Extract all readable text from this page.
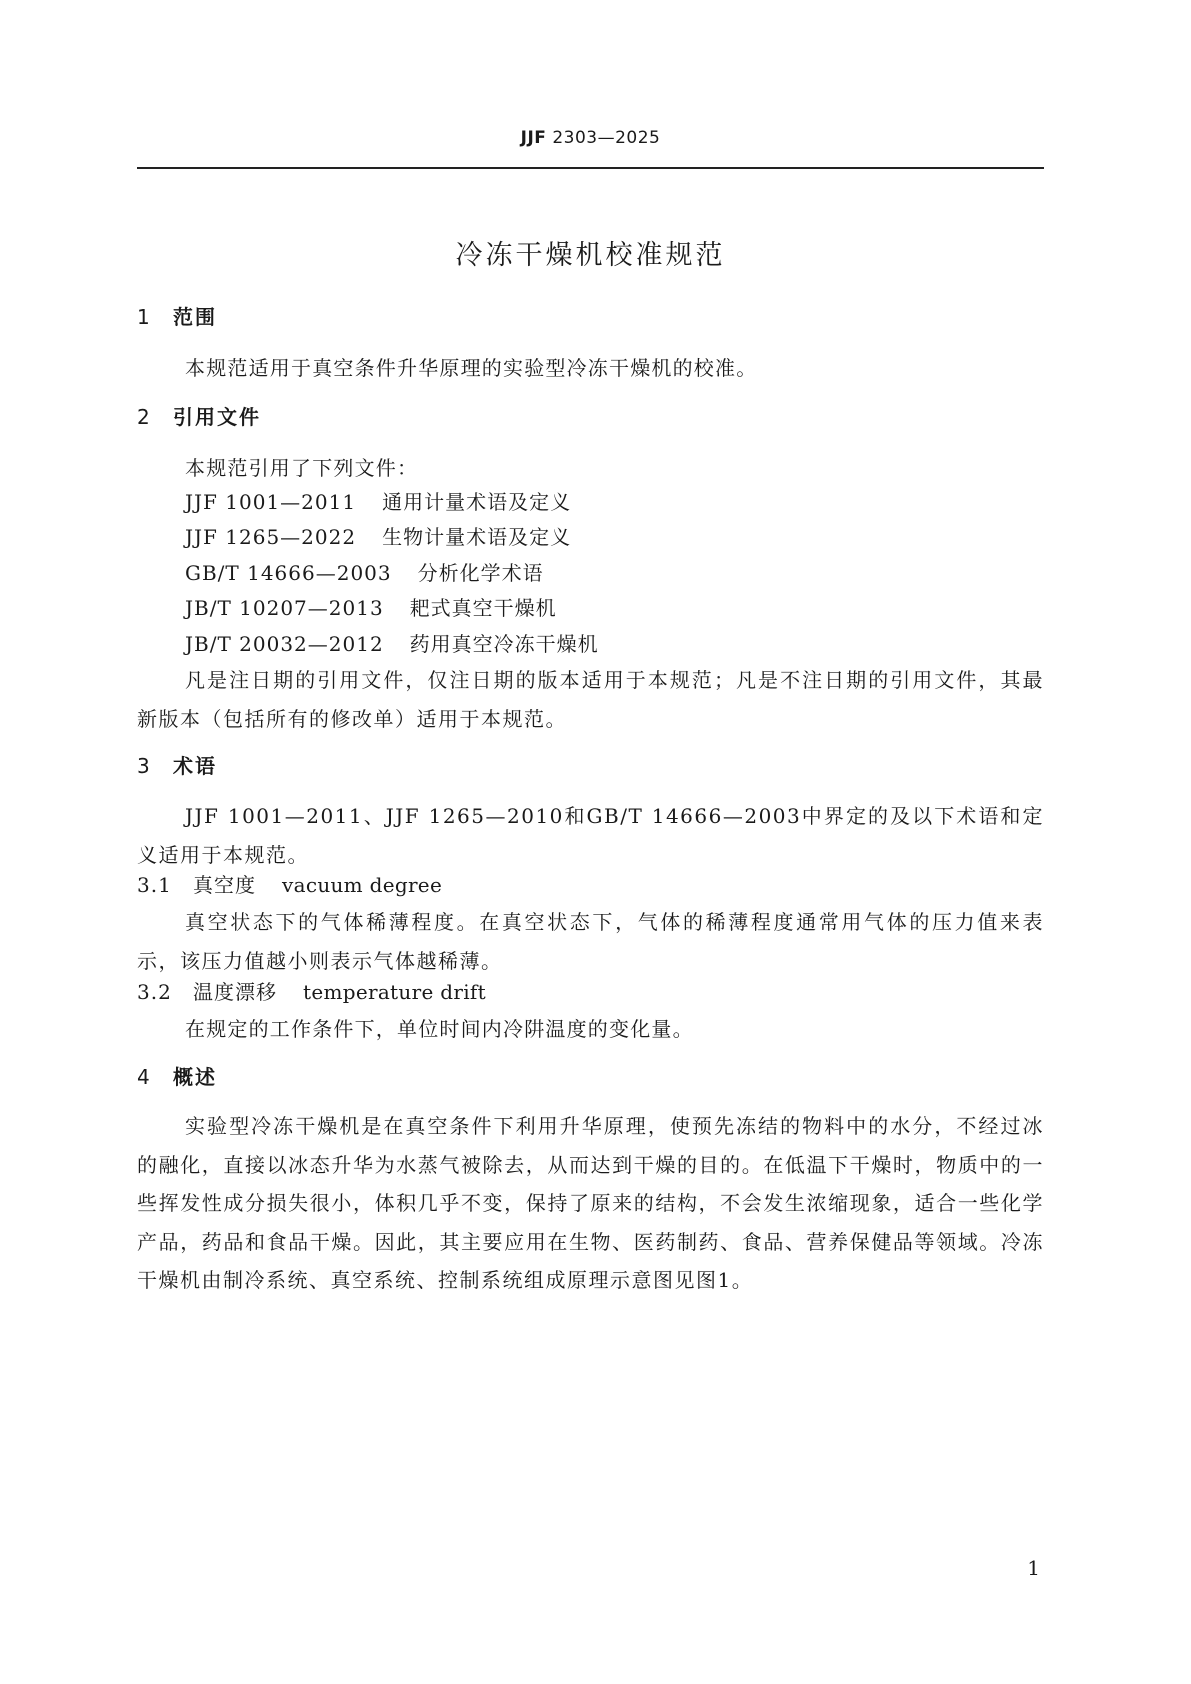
JJF 2303—2025
冷冻干燥机校准规范
1 范围
本规范适用于真空条件升华原理的实验型冷冻干燥机的校准。
2 引用文件
本规范引用了下列文件：
JJF 1001—2011 通用计量术语及定义
JJF 1265—2022 生物计量术语及定义
GB/T 14666—2003 分析化学术语
JB/T 10207—2013 耙式真空干燥机
JB/T 20032—2012 药用真空冷冻干燥机
凡是注日期的引用文件，仅注日期的版本适用于本规范；凡是不注日期的引用文件，其最新版本（包括所有的修改单）适用于本规范。
3 术语
JJF 1001—2011、JJF 1265—2010和GB/T 14666—2003中界定的及以下术语和定义适用于本规范。
3.1 真空度 vacuum degree
真空状态下的气体稀薄程度。在真空状态下，气体的稀薄程度通常用气体的压力值来表示，该压力值越小则表示气体越稀薄。
3.2 温度漂移 temperature drift
在规定的工作条件下，单位时间内冷阱温度的变化量。
4 概述
实验型冷冻干燥机是在真空条件下利用升华原理，使预先冻结的物料中的水分，不经过冰的融化，直接以冰态升华为水蒸气被除去，从而达到干燥的目的。在低温下干燥时，物质中的一些挥发性成分损失很小，体积几乎不变，保持了原来的结构，不会发生浓缩现象，适合一些化学产品，药品和食品干燥。因此，其主要应用在生物、医药制药、食品、营养保健品等领域。冷冻干燥机由制冷系统、真空系统、控制系统组成原理示意图见图1。
1
